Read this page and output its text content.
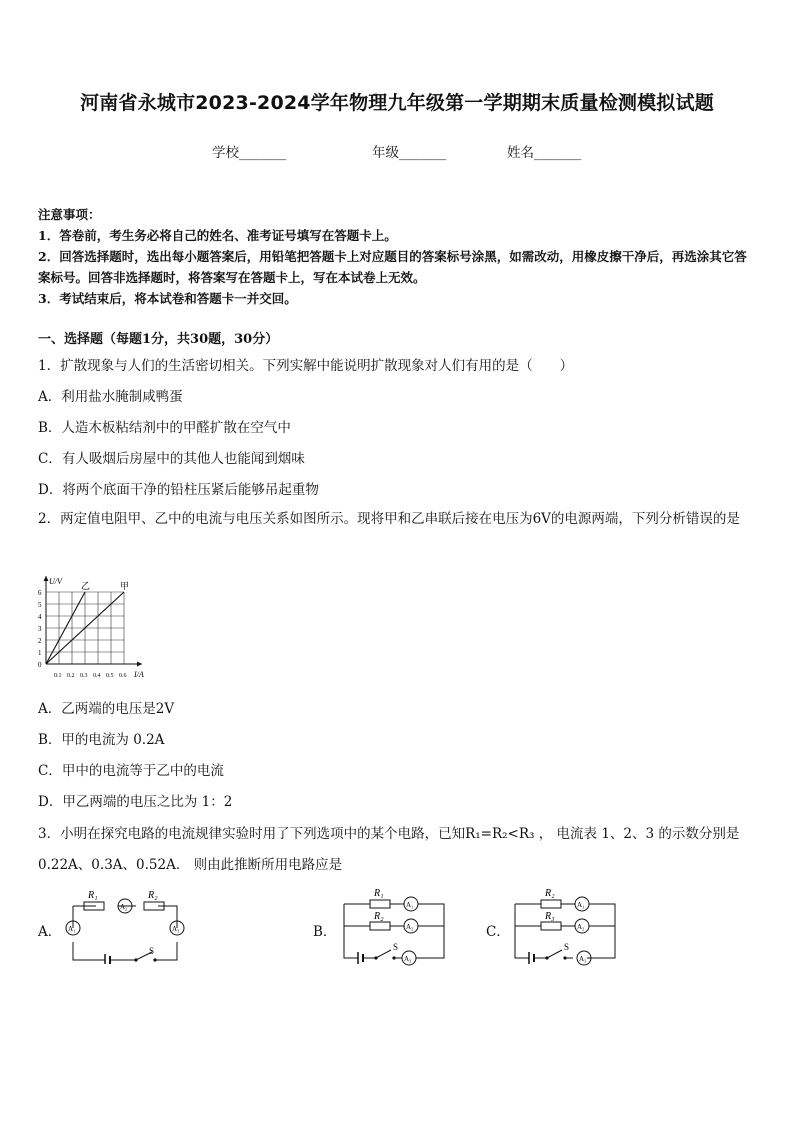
河南省永城市2023-2024学年物理九年级第一学期期末质量检测模拟试题
学校_______	年级_______	姓名_______
注意事项：
1．答卷前，考生务必将自己的姓名、准考证号填写在答题卡上。
2．回答选择题时，选出每小题答案后，用铅笔把答题卡上对应题目的答案标号涂黑，如需改动，用橡皮擦干净后，再选涂其它答案标号。回答非选择题时，将答案写在答题卡上，写在本试卷上无效。
3．考试结束后，将本试卷和答题卡一并交回。
一、选择题（每题1分，共30题，30分）
1．扩散现象与人们的生活密切相关。下列实解中能说明扩散现象对人们有用的是（　　）
A．利用盐水腌制咸鸭蛋
B．人造木板粘结剂中的甲醛扩散在空气中
C．有人吸烟后房屋中的其他人也能闻到烟味
D．将两个底面干净的铅柱压紧后能够吊起重物
2．两定值电阻甲、乙中的电流与电压关系如图所示。现将甲和乙串联后接在电压为6V的电源两端，下列分析错误的是
U/V
I/A
0
1
2
3
4
5
6
0.1 0.2 0.3 0.4 0.5 0.6
乙	甲
A．乙两端的电压是2V
B．甲的电流为 0.2A
C．甲中的电流等于乙中的电流
D．甲乙两端的电压之比为 1：2
3．小明在探究电路的电流规律实验时用了下列选项中的某个电路，已知R₁=R₂<R₃ ， 电流表 1、2、3 的示数分别是
0.22A、0.3A、0.52A． 则由此推断所用电路应是
A．	B．	C．
R₁	R₂
A₁
A₂
A₃
S
R₁
R₂
A₁
A₂
A₃
S
R₂
R₃
A₁
A₂
A₃
S
